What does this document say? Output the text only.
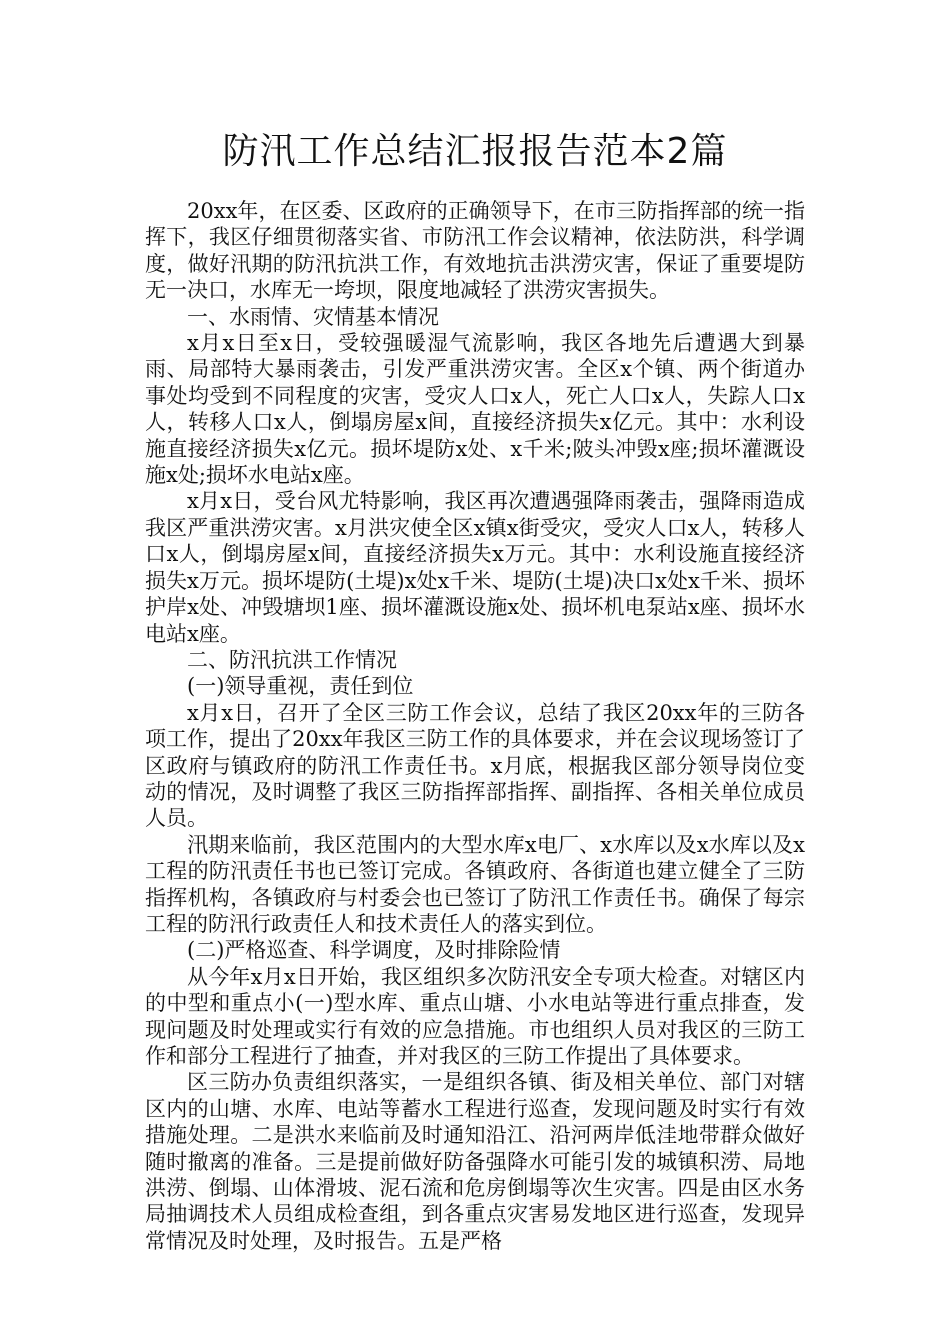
防汛工作总结汇报报告范本2篇

20xx年，在区委、区政府的正确领导下，在市三防指挥部的统一指挥下，我区仔细贯彻落实省、市防汛工作会议精神，依法防洪，科学调度，做好汛期的防汛抗洪工作，有效地抗击洪涝灾害，保证了重要堤防无一决口，水库无一垮坝，限度地减轻了洪涝灾害损失。

一、水雨情、灾情基本情况

x月x日至x日，受较强暖湿气流影响，我区各地先后遭遇大到暴雨、局部特大暴雨袭击，引发严重洪涝灾害。全区x个镇、两个街道办事处均受到不同程度的灾害，受灾人口x人，死亡人口x人，失踪人口x人，转移人口x人，倒塌房屋x间，直接经济损失x亿元。其中：水利设施直接经济损失x亿元。损坏堤防x处、x千米;陂头冲毁x座;损坏灌溉设施x处;损坏水电站x座。

x月x日，受台风尤特影响，我区再次遭遇强降雨袭击，强降雨造成我区严重洪涝灾害。x月洪灾使全区x镇x街受灾，受灾人口x人，转移人口x人，倒塌房屋x间，直接经济损失x万元。其中：水利设施直接经济损失x万元。损坏堤防(土堤)x处x千米、堤防(土堤)决口x处x千米、损坏护岸x处、冲毁塘坝1座、损坏灌溉设施x处、损坏机电泵站x座、损坏水电站x座。

二、防汛抗洪工作情况

(一)领导重视，责任到位

x月x日，召开了全区三防工作会议，总结了我区20xx年的三防各项工作，提出了20xx年我区三防工作的具体要求，并在会议现场签订了区政府与镇政府的防汛工作责任书。x月底，根据我区部分领导岗位变动的情况，及时调整了我区三防指挥部指挥、副指挥、各相关单位成员人员。

汛期来临前，我区范围内的大型水库x电厂、x水库以及x水库以及x工程的防汛责任书也已签订完成。各镇政府、各街道也建立健全了三防指挥机构，各镇政府与村委会也已签订了防汛工作责任书。确保了每宗工程的防汛行政责任人和技术责任人的落实到位。

(二)严格巡查、科学调度，及时排除险情

从今年x月x日开始，我区组织多次防汛安全专项大检查。对辖区内的中型和重点小(一)型水库、重点山塘、小水电站等进行重点排查，发现问题及时处理或实行有效的应急措施。市也组织人员对我区的三防工作和部分工程进行了抽查，并对我区的三防工作提出了具体要求。

区三防办负责组织落实，一是组织各镇、街及相关单位、部门对辖区内的山塘、水库、电站等蓄水工程进行巡查，发现问题及时实行有效措施处理。二是洪水来临前及时通知沿江、沿河两岸低洼地带群众做好随时撤离的准备。三是提前做好防备强降水可能引发的城镇积涝、局地洪涝、倒塌、山体滑坡、泥石流和危房倒塌等次生灾害。四是由区水务局抽调技术人员组成检查组，到各重点灾害易发地区进行巡查，发现异常情况及时处理，及时报告。五是严格
